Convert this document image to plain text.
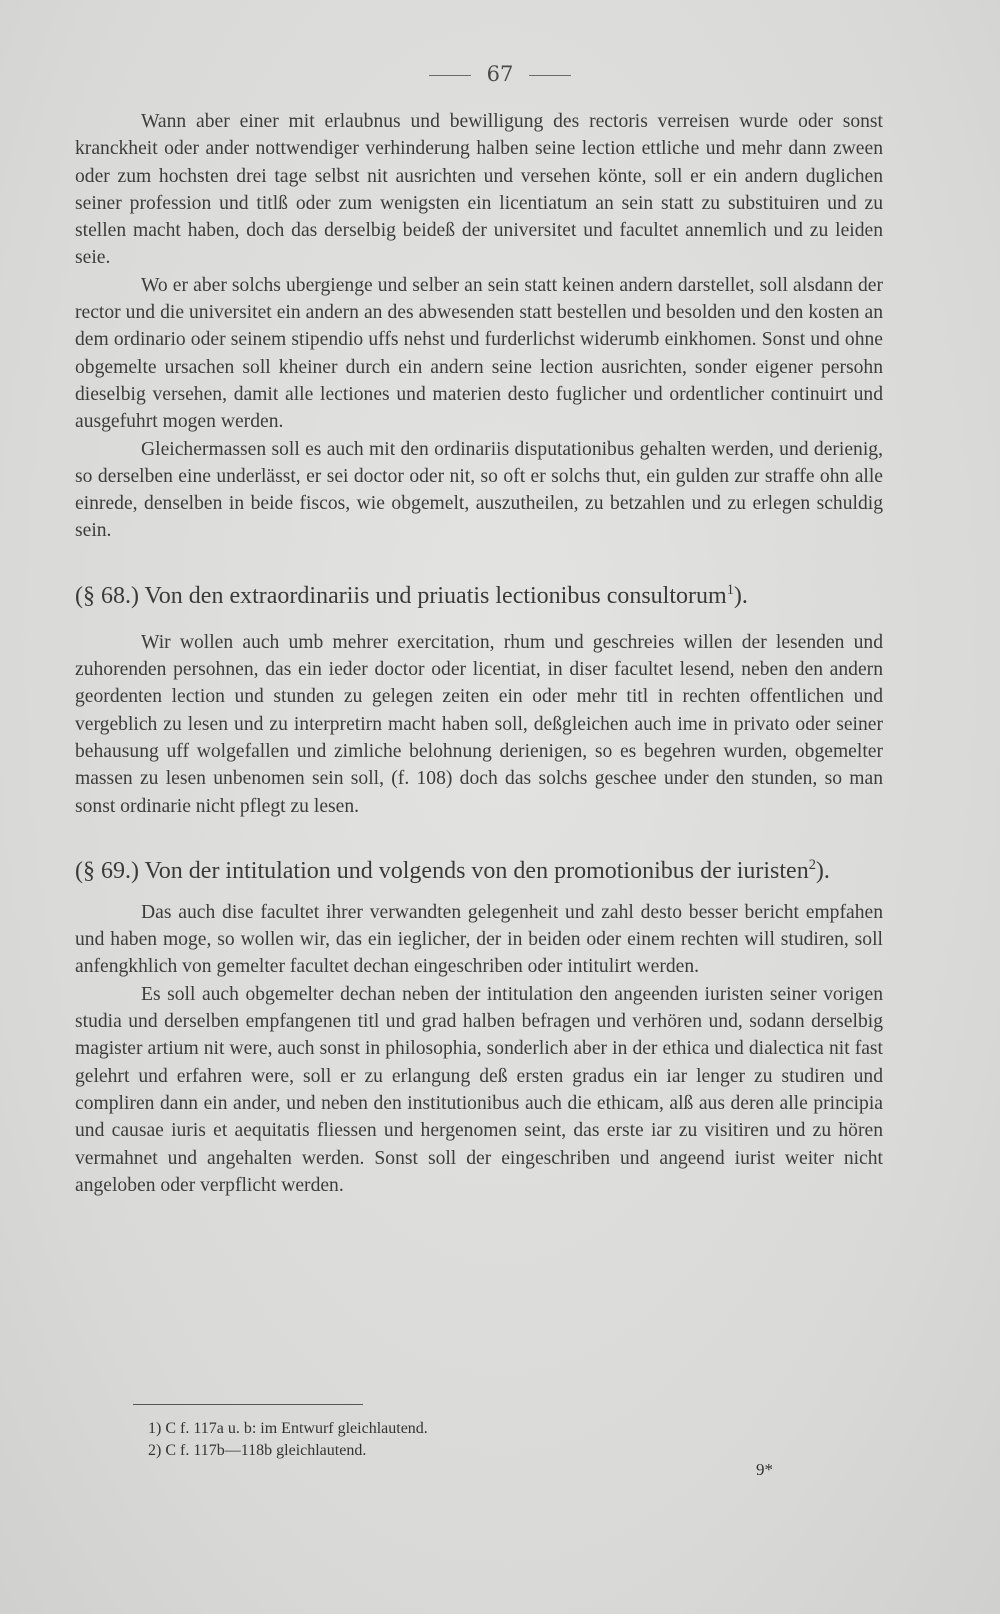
67

Wann aber einer mit erlaubnus und bewilligung des rectoris verreisen wurde oder sonst kranckheit oder ander nottwendiger verhinderung halben seine lection ettliche und mehr dann zween oder zum hochsten drei tage selbst nit ausrichten und versehen könte, soll er ein andern duglichen seiner profession und titlß oder zum wenigsten ein licentiatum an sein statt zu substituiren und zu stellen macht haben, doch das derselbig beideß der universitet und facultet annemlich und zu leiden seie.

Wo er aber solchs ubergienge und selber an sein statt keinen andern darstellet, soll alsdann der rector und die universitet ein andern an des abwesenden statt bestellen und besolden und den kosten an dem ordinario oder seinem stipendio uffs nehst und furderlichst widerumb einkhomen. Sonst und ohne obgemelte ursachen soll kheiner durch ein andern seine lection ausrichten, sonder eigener persohn dieselbig versehen, damit alle lectiones und materien desto fuglicher und ordentlicher continuirt und ausgefuhrt mogen werden.

Gleichermassen soll es auch mit den ordinariis disputationibus gehalten werden, und derienig, so derselben eine underlässt, er sei doctor oder nit, so oft er solchs thut, ein gulden zur straffe ohn alle einrede, denselben in beide fiscos, wie obgemelt, auszutheilen, zu betzahlen und zu erlegen schuldig sein.

(§ 68.) Von den extraordinariis und priuatis lectionibus consultorum$^1$).

Wir wollen auch umb mehrer exercitation, rhum und geschreies willen der lesenden und zuhorenden persohnen, das ein ieder doctor oder licentiat, in diser facultet lesend, neben den andern geordenten lection und stunden zu gelegen zeiten ein oder mehr titl in rechten offentlichen und vergeblich zu lesen und zu interpretirn macht haben soll, deßgleichen auch ime in privato oder seiner behausung uff wolgefallen und zimliche belohnung derienigen, so es begehren wurden, obgemelter massen zu lesen unbenomen sein soll, (f. 108) doch das solchs geschee under den stunden, so man sonst ordinarie nicht pflegt zu lesen.

(§ 69.) Von der intitulation und volgends von den promotionibus der iuristen$^2$).

Das auch dise facultet ihrer verwandten gelegenheit und zahl desto besser bericht empfahen und haben moge, so wollen wir, das ein ieglicher, der in beiden oder einem rechten will studiren, soll anfengkhlich von gemelter facultet dechan eingeschriben oder intitulirt werden.

Es soll auch obgemelter dechan neben der intitulation den angeenden iuristen seiner vorigen studia und derselben empfangenen titl und grad halben befragen und verhören und, sodann derselbig magister artium nit were, auch sonst in philosophia, sonderlich aber in der ethica und dialectica nit fast gelehrt und erfahren were, soll er zu erlangung deß ersten gradus ein iar lenger zu studiren und compliren dann ein ander, und neben den institutionibus auch die ethicam, alß aus deren alle principia und causae iuris et aequitatis fliessen und hergenomen seint, das erste iar zu visitiren und zu hören vermahnet und angehalten werden. Sonst soll der eingeschriben und angeend iurist weiter nicht angeloben oder verpflicht werden.

1) C f. 117a u. b: im Entwurf gleichlautend.
2) C f. 117b—118b gleichlautend.
9*
